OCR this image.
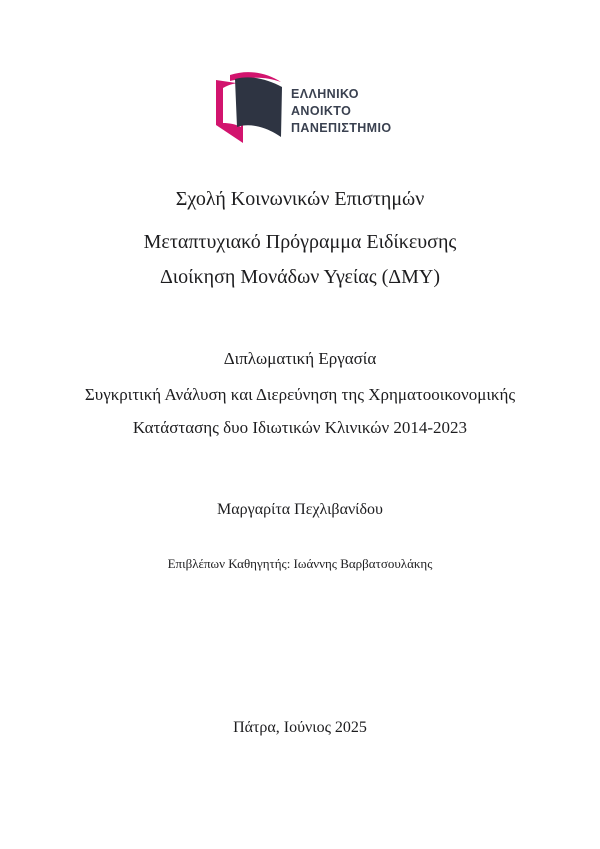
ΕΛΛΗΝΙΚΟ
ΑΝΟΙΚΤΟ
ΠΑΝΕΠΙΣΤΗΜΙΟ
Σχολή Κοινωνικών Επιστημών
Μεταπτυχιακό Πρόγραμμα Ειδίκευσης
Διοίκηση Μονάδων Υγείας (ΔΜΥ)
Διπλωματική Εργασία
Συγκριτική Ανάλυση και Διερεύνηση της Χρηματοοικονομικής
Κατάστασης δυο Ιδιωτικών Κλινικών 2014-2023
Μαργαρίτα Πεχλιβανίδου
Επιβλέπων Καθηγητής: Ιωάννης Βαρβατσουλάκης
Πάτρα, Ιούνιος 2025
